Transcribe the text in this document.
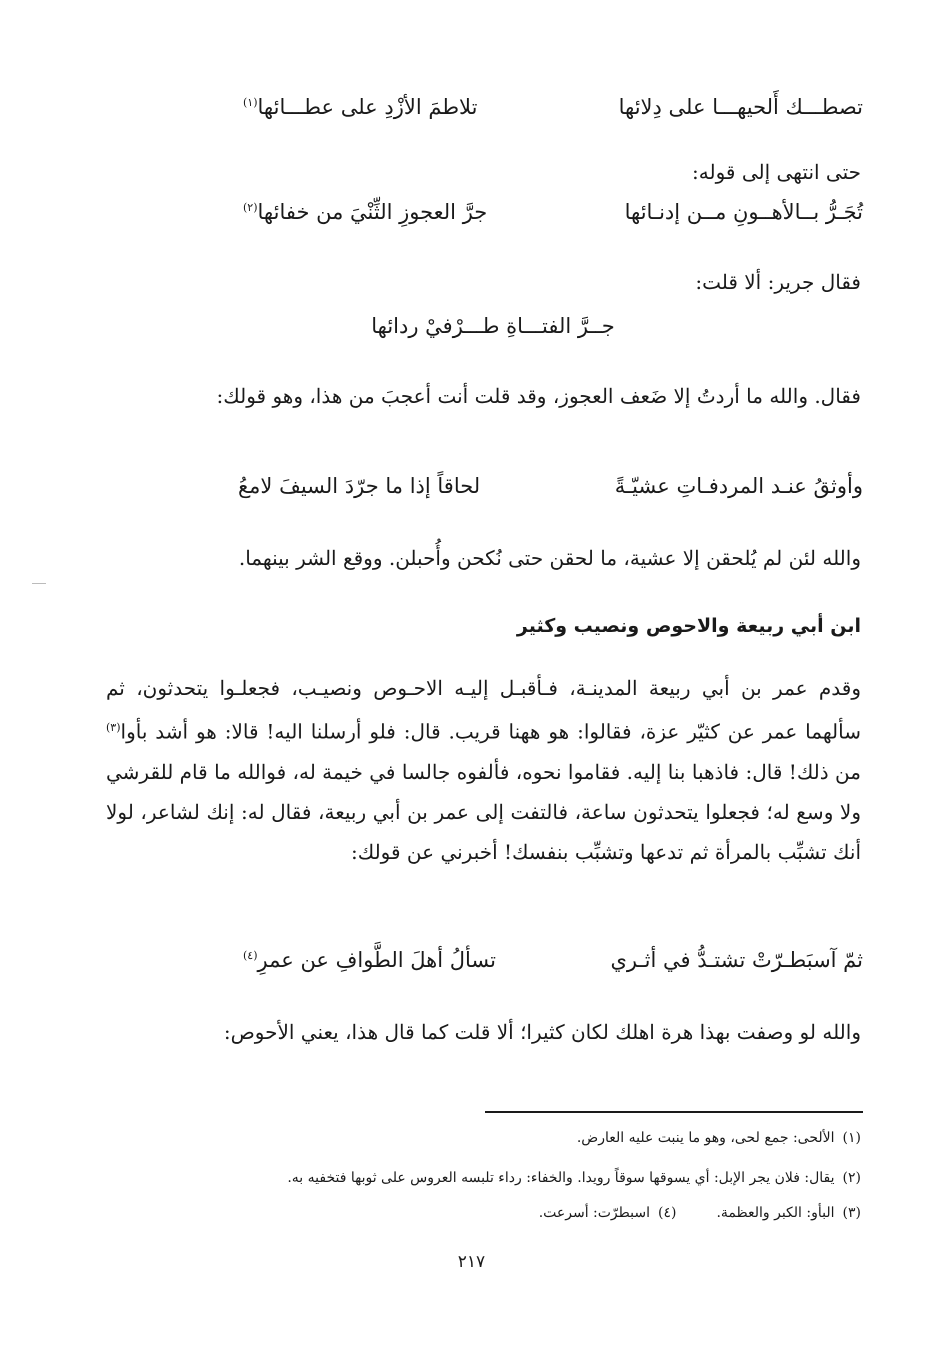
تصطـــك أَلحيهـــا على دِلائها
تلاطمَ الأزْدِ على عطـــائها$^{(١)}$
حتى انتهى إلى قوله:
تُجَـرُّ بــالأهــونِ مــن إدنـائها
جرَّ العجوزِ الثِّنْيَ من خفائها$^{(٢)}$
فقال جرير: ألا قلت:
جــرَّ الفتـــاةِ طـــرْفيْ ردائها
فقال. والله ما أردتُ إلا ضَعف العجوز، وقد قلت أنت أعجبَ من هذا، وهو قولك:
وأوثقُ عنـد المردفـاتِ عشيّـةً
لحاقاً إذا ما جرّدَ السيفَ لامعُ
والله لئن لم يُلحقن إلا عشية، ما لحقن حتى نُكحن وأُحبلن. ووقع الشر بينهما.
ابن أبي ربيعة والاحوص ونصيب وكثير
وقدم عمر بن أبي ربيعة المدينـة، فـأقبـل إليـه الاحـوص ونصيـب، فجعلـوا يتحدثون، ثم سألهما عمر عن كثيّر عزة، فقالوا: هو ههنا قريب. قال: فلو أرسلنا اليه! قالا: هو أشد بأوا$^{(٣)}$ من ذلك! قال: فاذهبا بنا إليه. فقاموا نحوه، فألفوه جالسا في خيمة له، فوالله ما قام للقرشي ولا وسع له؛ فجعلوا يتحدثون ساعة، فالتفت إلى عمر بن أبي ربيعة، فقال له: إنك لشاعر، لولا أنك تشبِّب بالمرأة ثم تدعها وتشبِّب بنفسك! أخبرني عن قولك:
ثمّ آسبَطـرّتْ تشتـدُّ في أثـري
تسألُ أهلَ الطَّوافِ عن عمرِ$^{(٤)}$
والله لو وصفت بهذا هرة اهلك لكان كثيرا؛ ألا قلت كما قال هذا، يعني الأحوص:
(١)الألحى: جمع لحى، وهو ما ينبت عليه العارض.
(٢)يقال: فلان يجر الإبل: أي يسوقها سوقاً رويدا. والخفاء: رداء تلبسه العروس على ثوبها فتخفيه به.
(٣)البأو: الكبر والعظمة.(٤)اسبطرّت: أسرعت.
٢١٧
